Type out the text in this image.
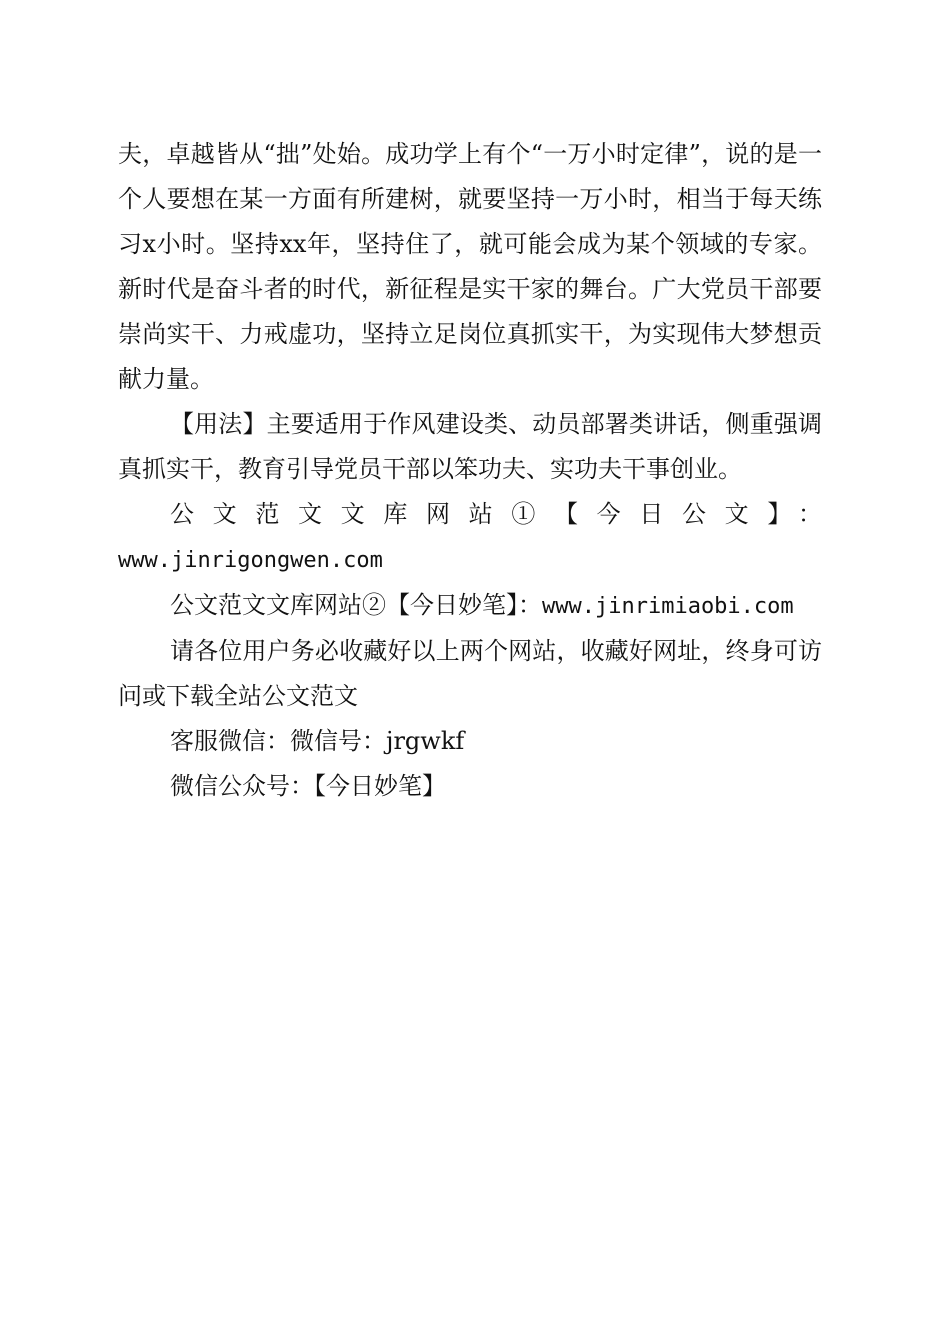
夫，卓越皆从“拙”处始。成功学上有个“一万小时定律”，说的是一个人要想在某一方面有所建树，就要坚持一万小时，相当于每天练习x小时。坚持xx年，坚持住了，就可能会成为某个领域的专家。新时代是奋斗者的时代，新征程是实干家的舞台。广大党员干部要崇尚实干、力戒虚功，坚持立足岗位真抓实干，为实现伟大梦想贡献力量。

【用法】主要适用于作风建设类、动员部署类讲话，侧重强调真抓实干，教育引导党员干部以笨功夫、实功夫干事创业。

公文范文文库网站①【今日公文】：

www.jinrigongwen.com

公文范文文库网站②【今日妙笔】：www.jinrimiaobi.com

请各位用户务必收藏好以上两个网站，收藏好网址，终身可访问或下载全站公文范文

客服微信：微信号：jrgwkf

微信公众号：【今日妙笔】
